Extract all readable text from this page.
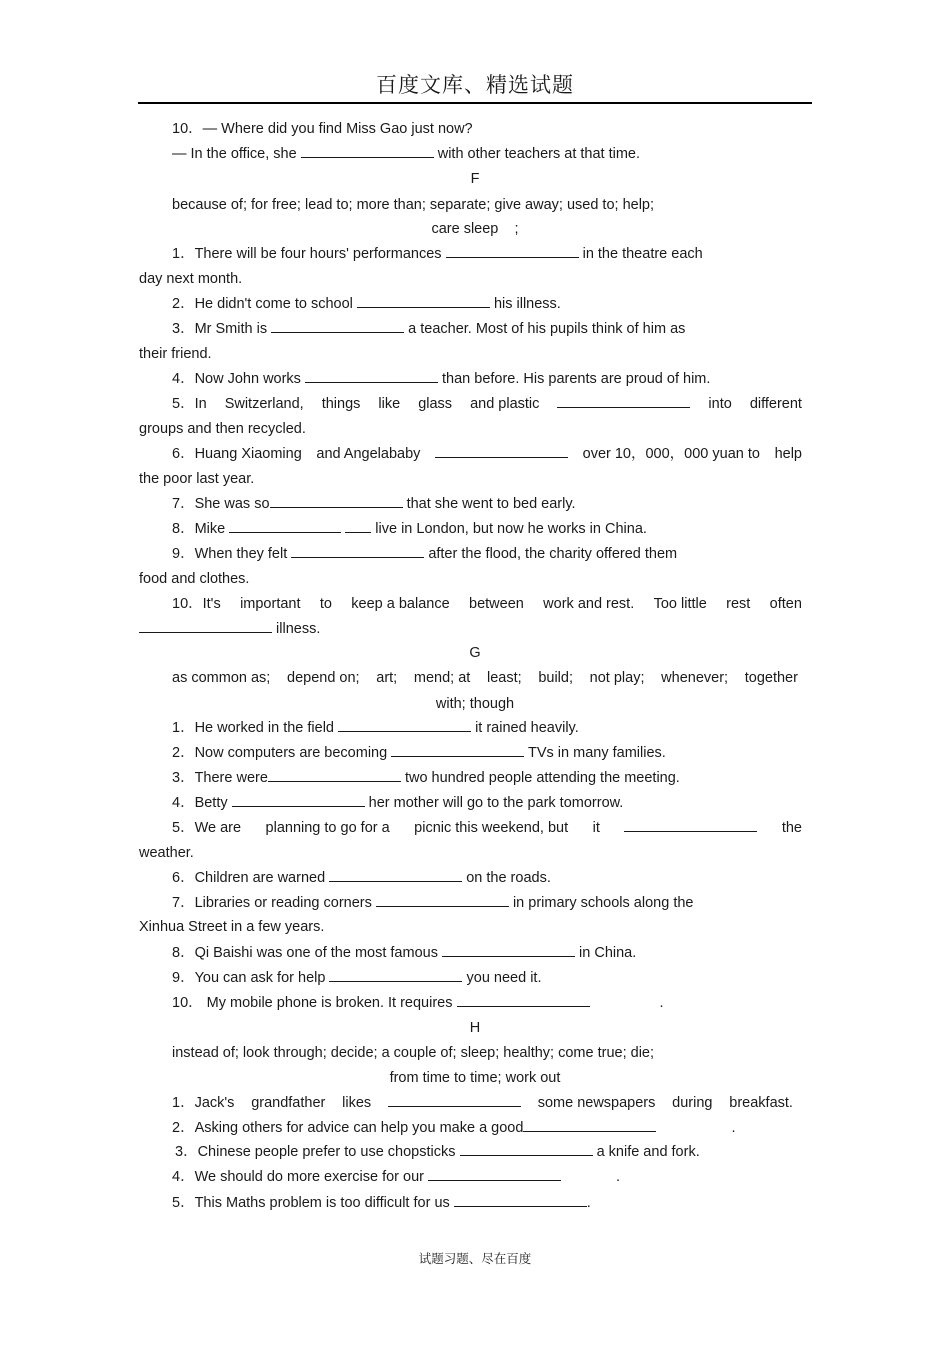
百度文库、精选试题
10．— Where did you find Miss Gao just now?
— In the office, she	with other teachers at that time.
F
because of; for free; lead to; more than; separate; give away; used to; help;
care sleep    ;
1．There will be four hours' performances	in the theatre each
day next month.
2．He didn't come to school	his illness.
3．Mr Smith is	a teacher. Most of his pupils think of him as
their friend.
4．Now John works	than before. His parents are proud of him.
5．In Switzerland, things like glass and plastic	into different
groups and then recycled.
6．Huang Xiaoming and Angelababy	over 10，000，000 yuan to help
the poor last year.
7．She was so	that she went to bed early.
8．Mike	live in London, but now he works in China.
9．When they felt	after the flood, the charity offered them
food and clothes.
10．It's important to keep a balance between work and rest. Too little rest often
illness.
G
as common as; depend on; art; mend; at least; build; not play; whenever; together
with; though
1．He worked in the field	it rained heavily.
2．Now computers are becoming	TVs in many families.
3．There were	two hundred people attending the meeting.
4．Betty	her mother will go to the park tomorrow.
5．We are planning to go for a picnic this weekend, but it	the
weather.
6．Children are warned	on the roads.
7．Libraries or reading corners	in primary schools along the
Xinhua Street in a few years.
8．Qi Baishi was one of the most famous	in China.
9．You can ask for help	you need it.
10． My mobile phone is broken. It requires	.
H
instead of; look through; decide; a couple of; sleep; healthy; come true; die;
from time to time; work out
1．Jack's grandfather likes	some newspapers during breakfast.
2．Asking others for advice can help you make a good	.
3．Chinese people prefer to use chopsticks	a knife and fork.
4．We should do more exercise for our	.
5．This Maths problem is too difficult for us	.
试题习题、尽在百度
